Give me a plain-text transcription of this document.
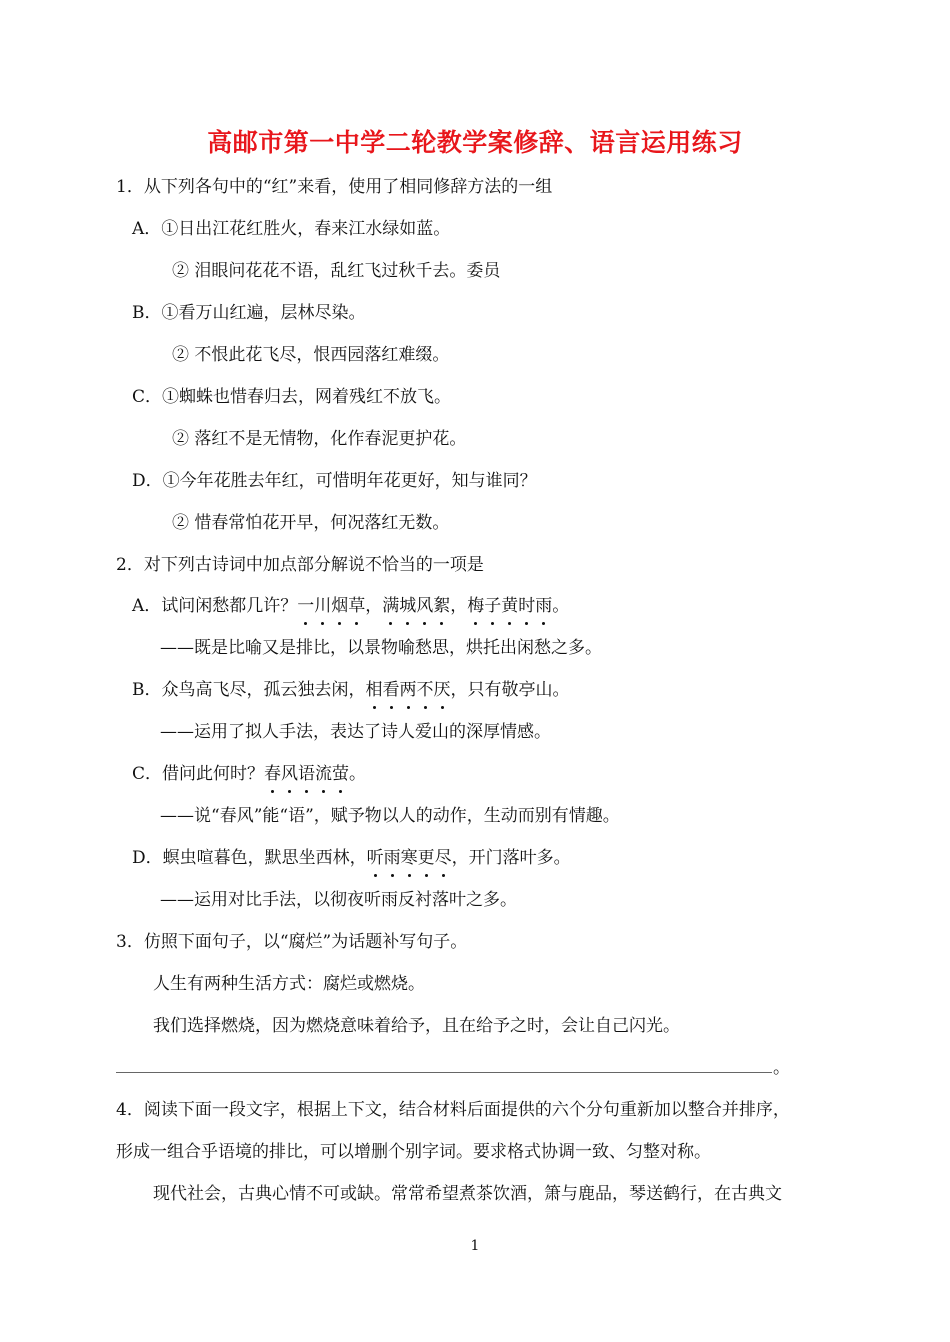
高邮市第一中学二轮教学案修辞、语言运用练习
1．从下列各句中的“红”来看，使用了相同修辞方法的一组
A．①日出江花红胜火，春来江水绿如蓝。
② 泪眼问花花不语，乱红飞过秋千去。委员
B．①看万山红遍，层林尽染。
② 不恨此花飞尽，恨西园落红难缀。
C．①蜘蛛也惜春归去，网着残红不放飞。
② 落红不是无情物，化作春泥更护花。
D．①今年花胜去年红，可惜明年花更好，知与谁同？
② 惜春常怕花开早，何况落红无数。
2．对下列古诗词中加点部分解说不恰当的一项是
A．试问闲愁都几许？一川烟草，满城风絮，梅子黄时雨。
——既是比喻又是排比，以景物喻愁思，烘托出闲愁之多。
B．众鸟高飞尽，孤云独去闲，相看两不厌，只有敬亭山。
——运用了拟人手法，表达了诗人爱山的深厚情感。
C．借问此何时？春风语流萤。
——说“春风”能“语”，赋予物以人的动作，生动而别有情趣。
D．螟虫喧暮色，默思坐西林，听雨寒更尽，开门落叶多。
——运用对比手法，以彻夜听雨反衬落叶之多。
3．仿照下面句子，以“腐烂”为话题补写句子。
人生有两种生活方式：腐烂或燃烧。
我们选择燃烧，因为燃烧意味着给予，且在给予之时，会让自己闪光。
。
4．阅读下面一段文字，根据上下文，结合材料后面提供的六个分句重新加以整合并排序，
形成一组合乎语境的排比，可以增删个别字词。要求格式协调一致、匀整对称。
现代社会，古典心情不可或缺。常常希望煮茶饮酒，箫与鹿品，琴送鹤行，在古典文
1
